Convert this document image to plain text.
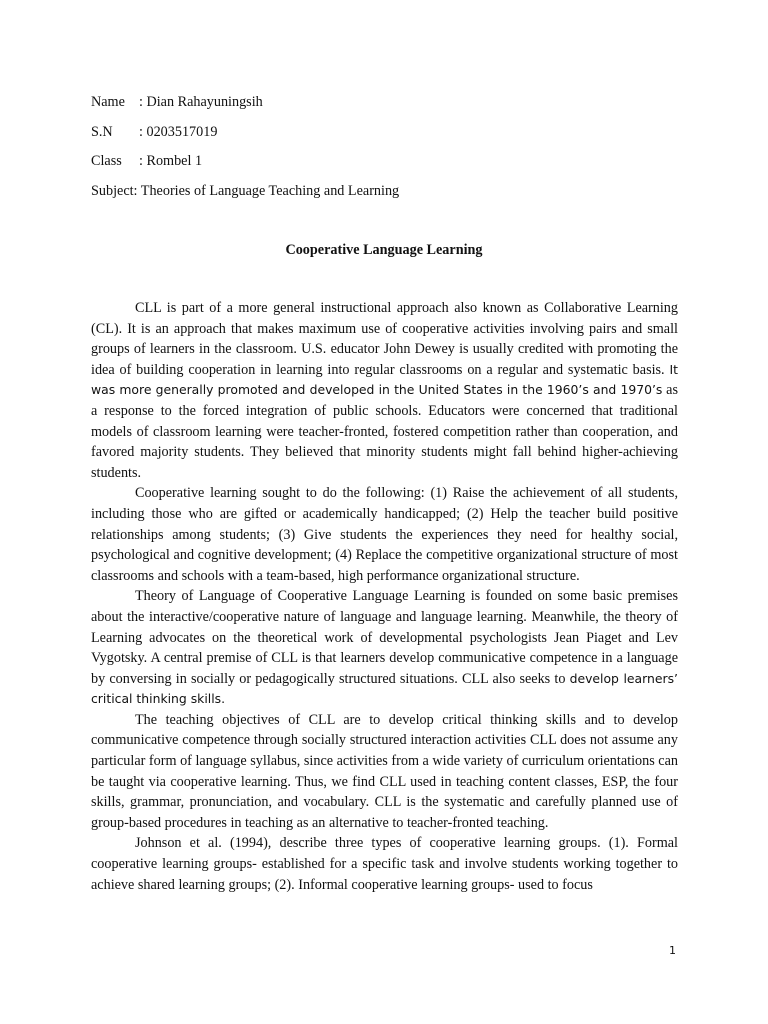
Name : Dian Rahayuningsih
S.N : 0203517019
Class : Rombel 1
Subject: Theories of Language Teaching and Learning
Cooperative Language Learning

CLL is part of a more general instructional approach also known as Collaborative Learning (CL). It is an approach that makes maximum use of cooperative activities involving pairs and small groups of learners in the classroom. U.S. educator John Dewey is usually credited with promoting the idea of building cooperation in learning into regular classrooms on a regular and systematic basis. It was more generally promoted and developed in the United States in the 1960’s and 1970’s as a response to the forced integration of public schools. Educators were concerned that traditional models of classroom learning were teacher-fronted, fostered competition rather than cooperation, and favored majority students. They believed that minority students might fall behind higher-achieving students.

Cooperative learning sought to do the following: (1) Raise the achievement of all students, including those who are gifted or academically handicapped; (2) Help the teacher build positive relationships among students; (3) Give students the experiences they need for healthy social, psychological and cognitive development; (4) Replace the competitive organizational structure of most classrooms and schools with a team-based, high performance organizational structure.

Theory of Language of Cooperative Language Learning is founded on some basic premises about the interactive/cooperative nature of language and language learning. Meanwhile, the theory of Learning advocates on the theoretical work of developmental psychologists Jean Piaget and Lev Vygotsky. A central premise of CLL is that learners develop communicative competence in a language by conversing in socially or pedagogically structured situations. CLL also seeks to develop learners’ critical thinking skills.

The teaching objectives of CLL are to develop critical thinking skills and to develop communicative competence through socially structured interaction activities CLL does not assume any particular form of language syllabus, since activities from a wide variety of curriculum orientations can be taught via cooperative learning. Thus, we find CLL used in teaching content classes, ESP, the four skills, grammar, pronunciation, and vocabulary. CLL is the systematic and carefully planned use of group-based procedures in teaching as an alternative to teacher-fronted teaching.

Johnson et al. (1994), describe three types of cooperative learning groups. (1). Formal cooperative learning groups- established for a specific task and involve students working together to achieve shared learning groups; (2). Informal cooperative learning groups- used to focus

1
